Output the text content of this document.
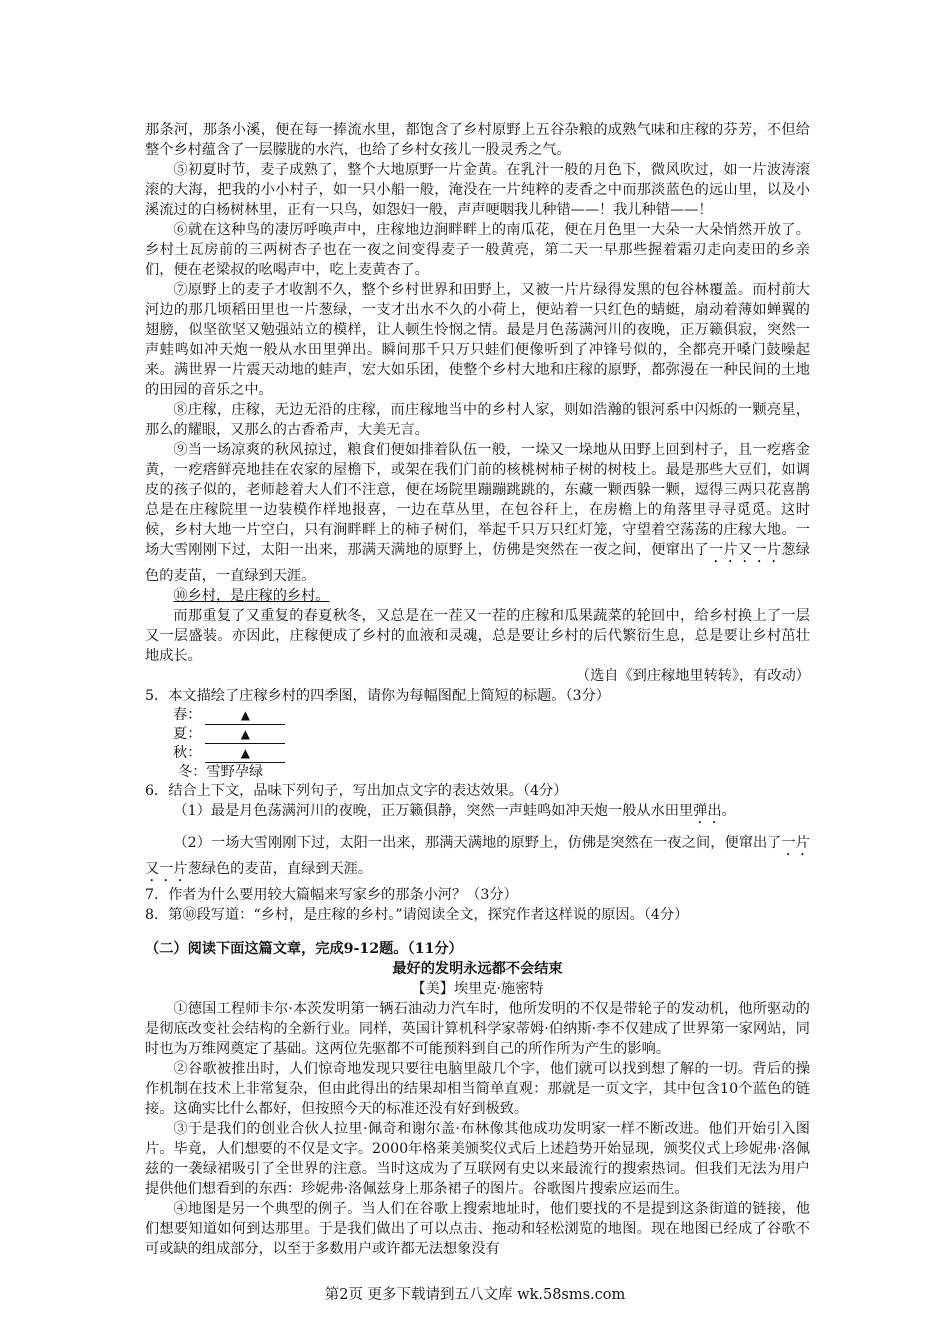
那条河，那条小溪，便在每一捧流水里，都饱含了乡村原野上五谷杂粮的成熟气味和庄稼的芬芳，不但给整个乡村蕴含了一层朦胧的水汽，也给了乡村女孩儿一股灵秀之气。

⑤初夏时节，麦子成熟了，整个大地原野一片金黄。在乳汁一般的月色下，微风吹过，如一片波涛滚滚的大海，把我的小小村子，如一只小船一般，淹没在一片纯粹的麦香之中而那淡蓝色的远山里，以及小溪流过的白杨树林里，正有一只鸟，如怨妇一般，声声哽咽我儿种错——！我儿种错——！

⑥就在这种鸟的凄厉呼唤声中，庄稼地边涧畔畔上的南瓜花，便在月色里一大朵一大朵悄然开放了。乡村土瓦房前的三两树杏子也在一夜之间变得麦子一般黄亮，第二天一早那些握着霜刃走向麦田的乡亲们，便在老梁叔的吆喝声中，吃上麦黄杏了。

⑦原野上的麦子才收割不久，整个乡村世界和田野上，又被一片片绿得发黑的包谷林覆盖。而村前大河边的那几顷稻田里也一片葱绿，一支才出水不久的小荷上，便站着一只红色的蜻蜓，扇动着薄如蝉翼的翅膀，似坚欲坚又勉强站立的模样，让人顿生怜悯之情。最是月色荡满河川的夜晚，正万籁俱寂，突然一声蛙鸣如冲天炮一般从水田里弹出。瞬间那千只万只蛙们便像听到了冲锋号似的，全都亮开嗓门鼓噪起来。满世界一片震天动地的蛙声，宏大如乐团，使整个乡村大地和庄稼的原野，都弥漫在一种民间的土地的田园的音乐之中。

⑧庄稼，庄稼，无边无沿的庄稼，而庄稼地当中的乡村人家，则如浩瀚的银河系中闪烁的一颗亮星，那么的耀眼，又那么的古香希声，大美无言。

⑨当一场凉爽的秋风掠过，粮食们便如排着队伍一般，一垛又一垛地从田野上回到村子，且一疙瘩金黄，一疙瘩鲜亮地挂在农家的屋檐下，或架在我们门前的核桃树柿子树的树枝上。最是那些大豆们，如调皮的孩子似的，老师趁着大人们不注意，便在场院里蹦蹦跳跳的，东藏一颗西躲一颗，逗得三两只花喜鹊总是在庄稼院里一边装模作样地报喜，一边在草丛里，在包谷秆上，在房檐上的角落里寻寻觅觅。这时候，乡村大地一片空白，只有涧畔畔上的柿子树们，举起千只万只红灯笼，守望着空荡荡的庄稼大地。一场大雪刚刚下过，太阳一出来，那满天满地的原野上，仿佛是突然在一夜之间，便窜出了一片又一片葱绿色的麦苗，一直绿到天涯。

⑩乡村，是庄稼的乡村。

而那重复了又重复的春夏秋冬，又总是在一茬又一茬的庄稼和瓜果蔬菜的轮回中，给乡村换上了一层又一层盛装。亦因此，庄稼便成了乡村的血液和灵魂，总是要让乡村的后代繁衍生息，总是要让乡村茁壮地成长。

（选自《到庄稼地里转转》，有改动）

5．本文描绘了庄稼乡村的四季图，请你为每幅图配上简短的标题。（3分）

春：	▲

夏：	▲

秋：	▲

冬：雪野孕绿

6．结合上下文，品味下列句子，写出加点文字的表达效果。（4分）

（1）最是月色荡满河川的夜晚，正万籁俱静，突然一声蛙鸣如冲天炮一般从水田里弹出。

（2）一场大雪刚刚下过，太阳一出来，那满天满地的原野上，仿佛是突然在一夜之间，便窜出了一片又一片葱绿色的麦苗，直绿到天涯。

7．作者为什么要用较大篇幅来写家乡的那条小河？（3分）

8．第⑩段写道：“乡村，是庄稼的乡村。”请阅读全文，探究作者这样说的原因。（4分）

（二）阅读下面这篇文章，完成9-12题。（11分）

最好的发明永远都不会结束

【美】埃里克·施密特

①德国工程师卡尔·本茨发明第一辆石油动力汽车时，他所发明的不仅是带轮子的发动机，他所驱动的是彻底改变社会结构的全新行业。同样，英国计算机科学家蒂姆·伯纳斯·李不仅建成了世界第一家网站，同时也为万维网奠定了基础。这两位先驱都不可能预料到自己的所作所为产生的影响。

②谷歌被推出时，人们惊奇地发现只要往电脑里敲几个字，他们就可以找到想了解的一切。背后的操作机制在技术上非常复杂，但由此得出的结果却相当简单直观：那就是一页文字，其中包含10个蓝色的链接。这确实比什么都好，但按照今天的标准还没有好到极致。

③于是我们的创业合伙人拉里·佩奇和谢尔盖·布林像其他成功发明家一样不断改进。他们开始引入图片。毕竟，人们想要的不仅是文字。2000年格莱美颁奖仪式后上述趋势开始显现，颁奖仪式上珍妮弗·洛佩兹的一袭绿裙吸引了全世界的注意。当时这成为了互联网有史以来最流行的搜索热词。但我们无法为用户提供他们想看到的东西：珍妮弗·洛佩兹身上那条裙子的图片。谷歌图片搜索应运而生。

④地图是另一个典型的例子。当人们在谷歌上搜索地址时，他们要找的不是提到这条街道的链接，他们想要知道如何到达那里。于是我们做出了可以点击、拖动和轻松浏览的地图。现在地图已经成了谷歌不可或缺的组成部分，以至于多数用户或许都无法想象没有

第2页 更多下载请到五八文库 wk.58sms.com
